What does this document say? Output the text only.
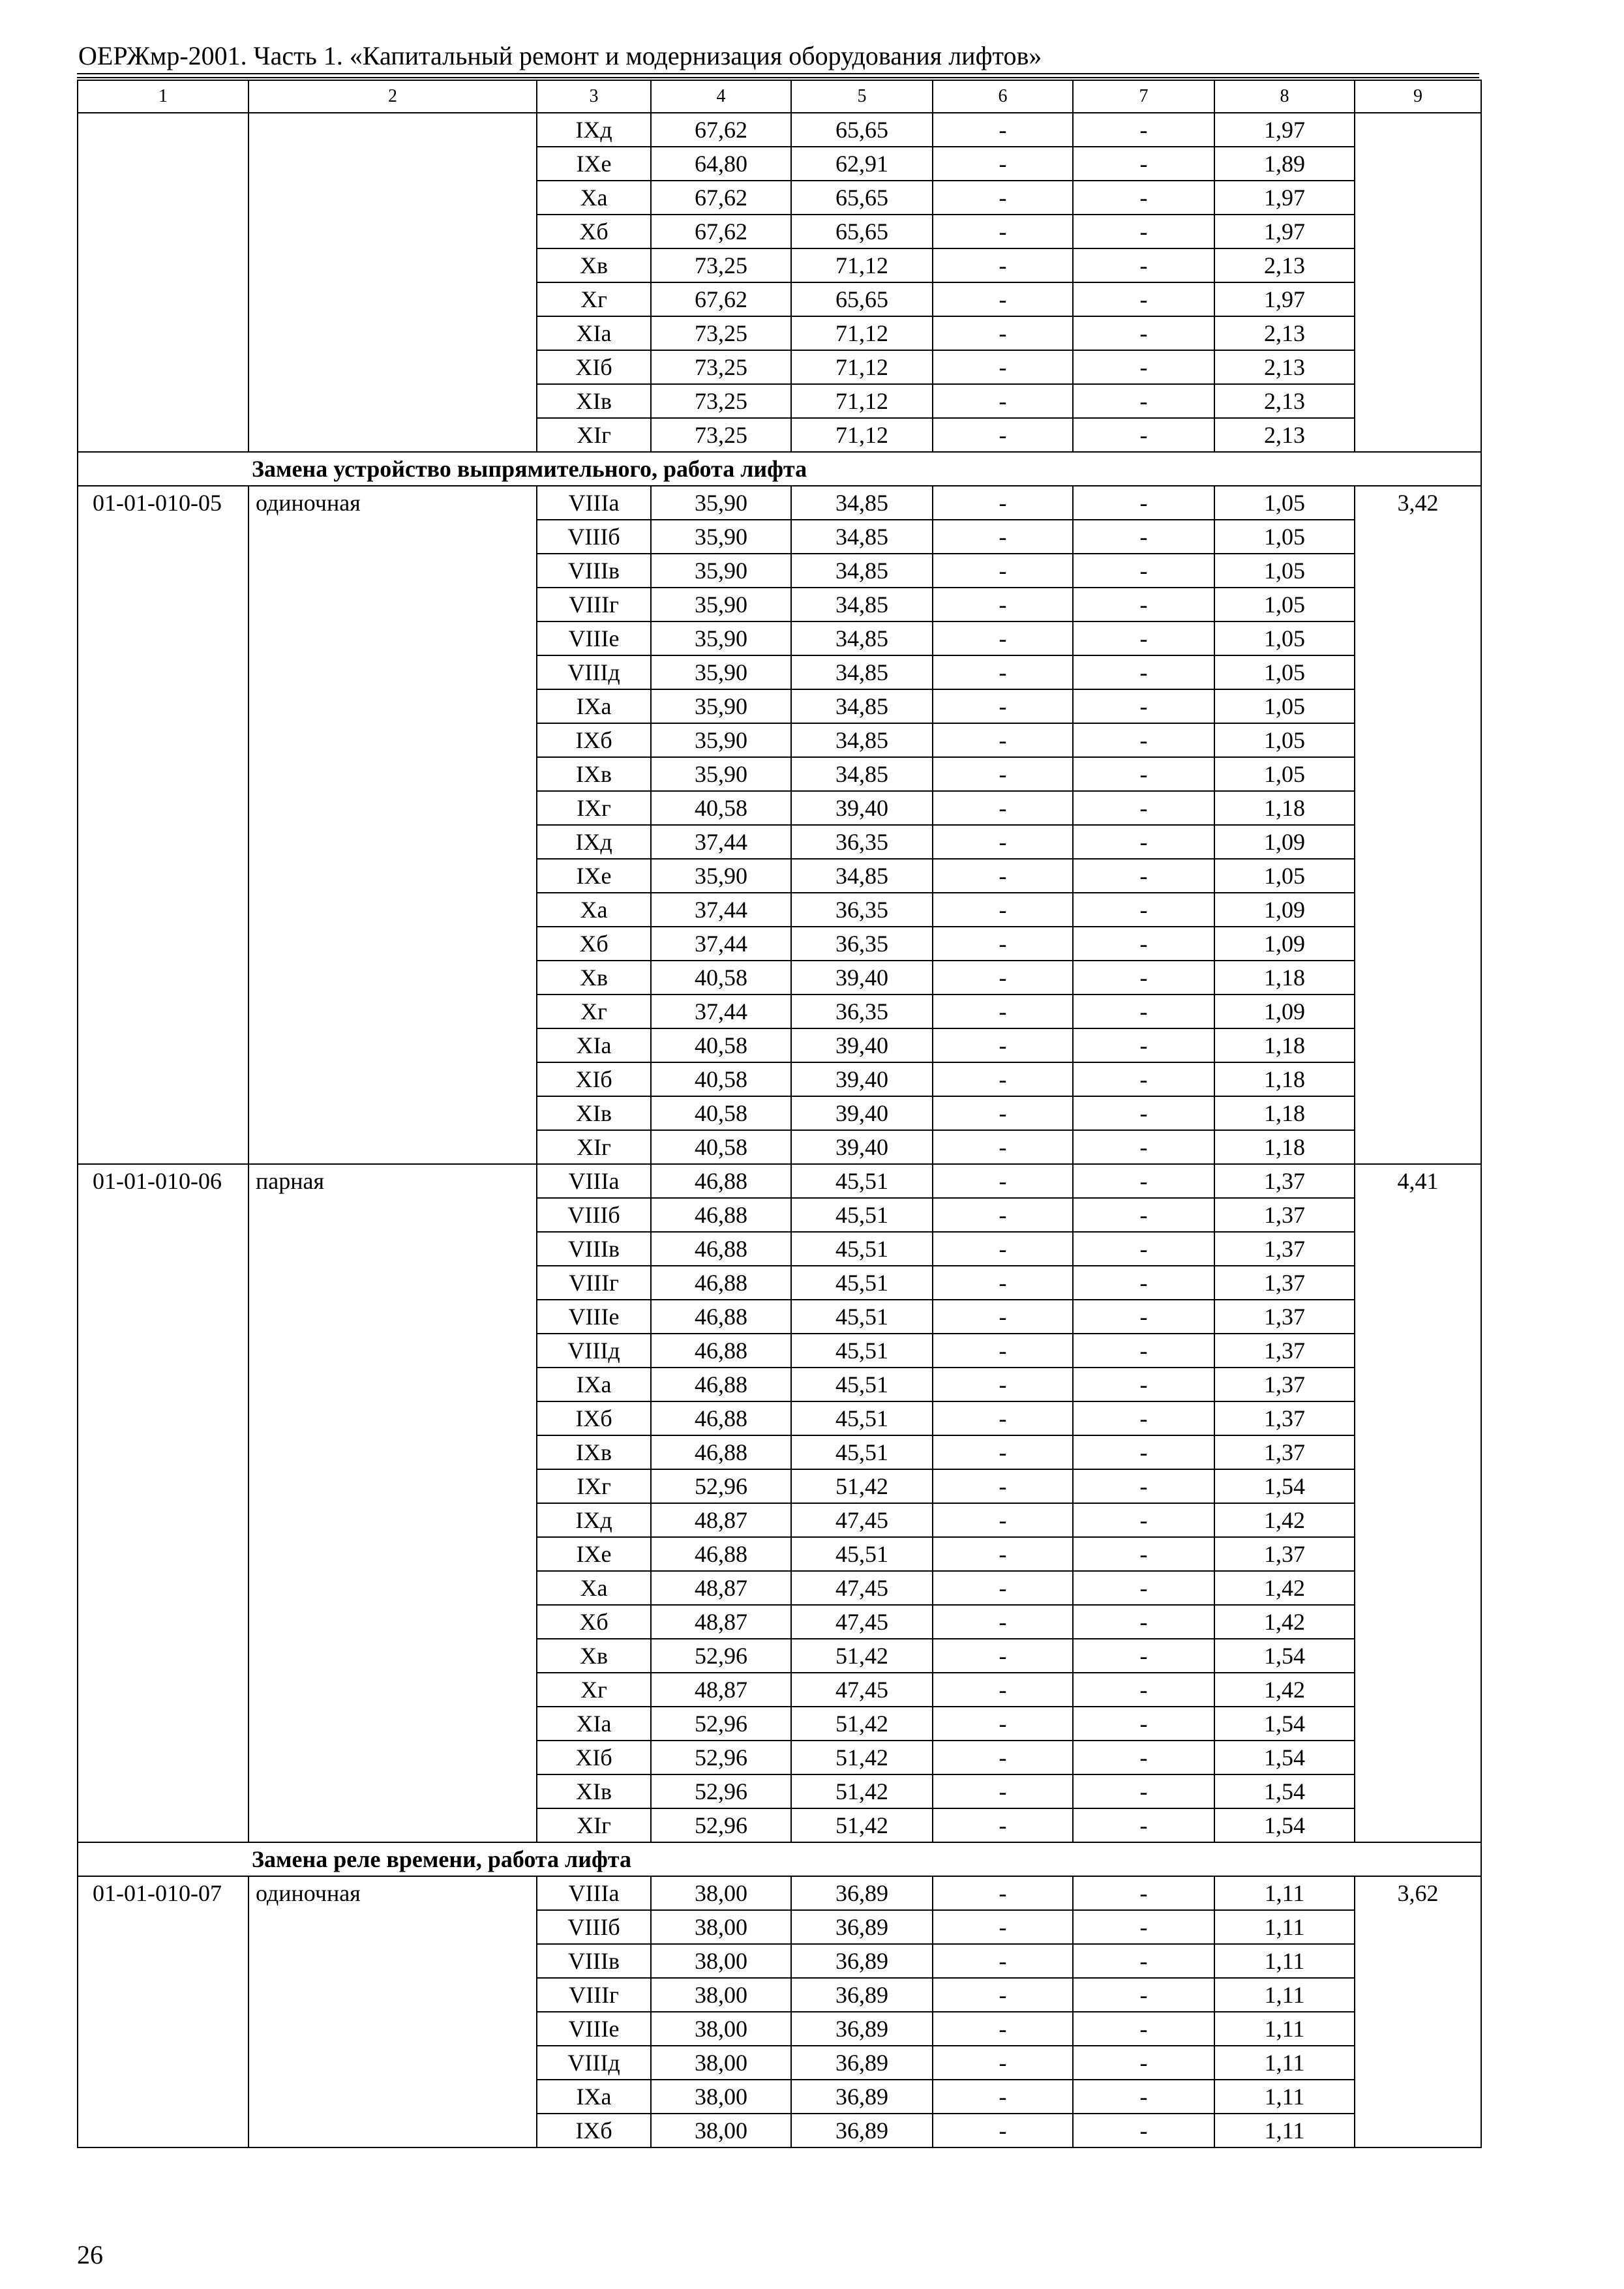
ОЕРЖмр-2001. Часть 1. «Капитальный ремонт и модернизация оборудования лифтов»
1	2	3	4	5	6	7	8	9
		IXд	67,62	65,65	-	-	1,97	
		IXе	64,80	62,91	-	-	1,89	
		Xа	67,62	65,65	-	-	1,97	
		Xб	67,62	65,65	-	-	1,97	
		Xв	73,25	71,12	-	-	2,13	
		Xг	67,62	65,65	-	-	1,97	
		XIа	73,25	71,12	-	-	2,13	
		XIб	73,25	71,12	-	-	2,13	
		XIв	73,25	71,12	-	-	2,13	
		XIг	73,25	71,12	-	-	2,13	
Замена устройство выпрямительного, работа лифта								
01-01-010-05	одиночная	VIIIа	35,90	34,85	-	-	1,05	3,42
		VIIIб	35,90	34,85	-	-	1,05	
		VIIIв	35,90	34,85	-	-	1,05	
		VIIIг	35,90	34,85	-	-	1,05	
		VIIIе	35,90	34,85	-	-	1,05	
		VIIIд	35,90	34,85	-	-	1,05	
		IXа	35,90	34,85	-	-	1,05	
		IXб	35,90	34,85	-	-	1,05	
		IXв	35,90	34,85	-	-	1,05	
		IXг	40,58	39,40	-	-	1,18	
		IXд	37,44	36,35	-	-	1,09	
		IXе	35,90	34,85	-	-	1,05	
		Xа	37,44	36,35	-	-	1,09	
		Xб	37,44	36,35	-	-	1,09	
		Xв	40,58	39,40	-	-	1,18	
		Xг	37,44	36,35	-	-	1,09	
		XIа	40,58	39,40	-	-	1,18	
		XIб	40,58	39,40	-	-	1,18	
		XIв	40,58	39,40	-	-	1,18	
		XIг	40,58	39,40	-	-	1,18	
01-01-010-06	парная	VIIIа	46,88	45,51	-	-	1,37	4,41
		VIIIб	46,88	45,51	-	-	1,37	
		VIIIв	46,88	45,51	-	-	1,37	
		VIIIг	46,88	45,51	-	-	1,37	
		VIIIе	46,88	45,51	-	-	1,37	
		VIIIд	46,88	45,51	-	-	1,37	
		IXа	46,88	45,51	-	-	1,37	
		IXб	46,88	45,51	-	-	1,37	
		IXв	46,88	45,51	-	-	1,37	
		IXг	52,96	51,42	-	-	1,54	
		IXд	48,87	47,45	-	-	1,42	
		IXе	46,88	45,51	-	-	1,37	
		Xа	48,87	47,45	-	-	1,42	
		Xб	48,87	47,45	-	-	1,42	
		Xв	52,96	51,42	-	-	1,54	
		Xг	48,87	47,45	-	-	1,42	
		XIа	52,96	51,42	-	-	1,54	
		XIб	52,96	51,42	-	-	1,54	
		XIв	52,96	51,42	-	-	1,54	
		XIг	52,96	51,42	-	-	1,54	
Замена реле времени, работа лифта								
01-01-010-07	одиночная	VIIIа	38,00	36,89	-	-	1,11	3,62
		VIIIб	38,00	36,89	-	-	1,11	
		VIIIв	38,00	36,89	-	-	1,11	
		VIIIг	38,00	36,89	-	-	1,11	
		VIIIе	38,00	36,89	-	-	1,11	
		VIIIд	38,00	36,89	-	-	1,11	
		IXа	38,00	36,89	-	-	1,11	
		IXб	38,00	36,89	-	-	1,11	
26
